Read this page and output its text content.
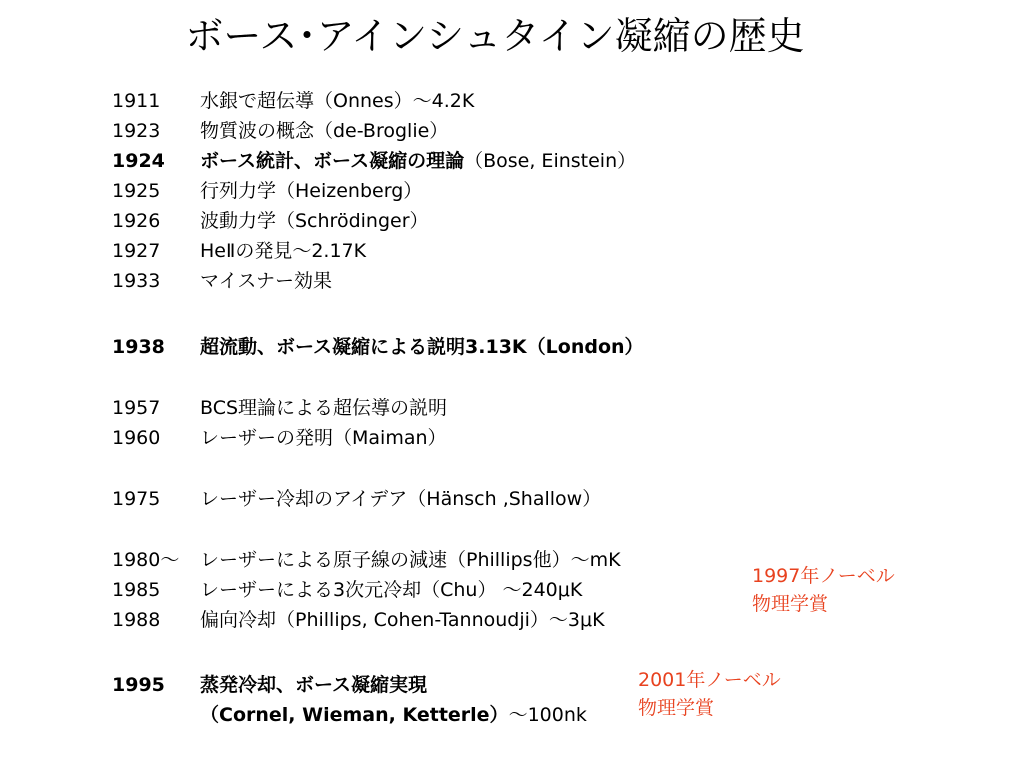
ボース･アインシュタイン凝縮の歴史
1911	水銀で超伝導（Onnes）～4.2K
1923	物質波の概念（de-Broglie）
1924	ボース統計、ボース凝縮の理論（Bose, Einstein）
1925	行列力学（Heizenberg）
1926	波動力学（Schrödinger）
1927	HeⅡの発見～2.17K
1933	マイスナー効果
1938	超流動、ボース凝縮による説明3.13K（London）
1957	BCS理論による超伝導の説明
1960	レーザーの発明（Maiman）
1975	レーザー冷却のアイデア（Hänsch ,Shallow）
1980～	レーザーによる原子線の減速（Phillips他）～mK
1985	レーザーによる3次元冷却（Chu） ～240μK
1988	偏向冷却（Phillips, Cohen-Tannoudji）～3μK
1995	蒸発冷却、ボース凝縮実現
（Cornel, Wieman, Ketterle）～100nk
1997年ノーベル
物理学賞
2001年ノーベル
物理学賞
